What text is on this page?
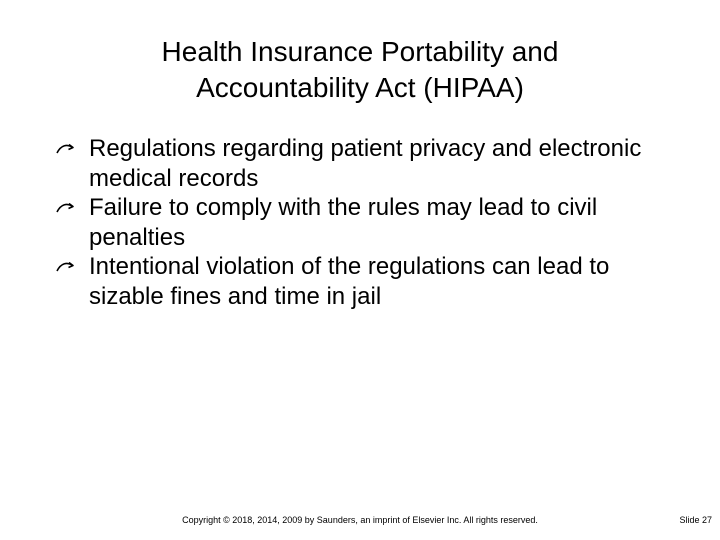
Health Insurance Portability and
Accountability Act (HIPAA)
Regulations regarding patient privacy and electronic medical records
Failure to comply with the rules may lead to civil penalties
Intentional violation of the regulations can lead to sizable fines and time in jail
Copyright © 2018, 2014, 2009 by Saunders, an imprint of Elsevier Inc. All rights reserved.	Slide 27
